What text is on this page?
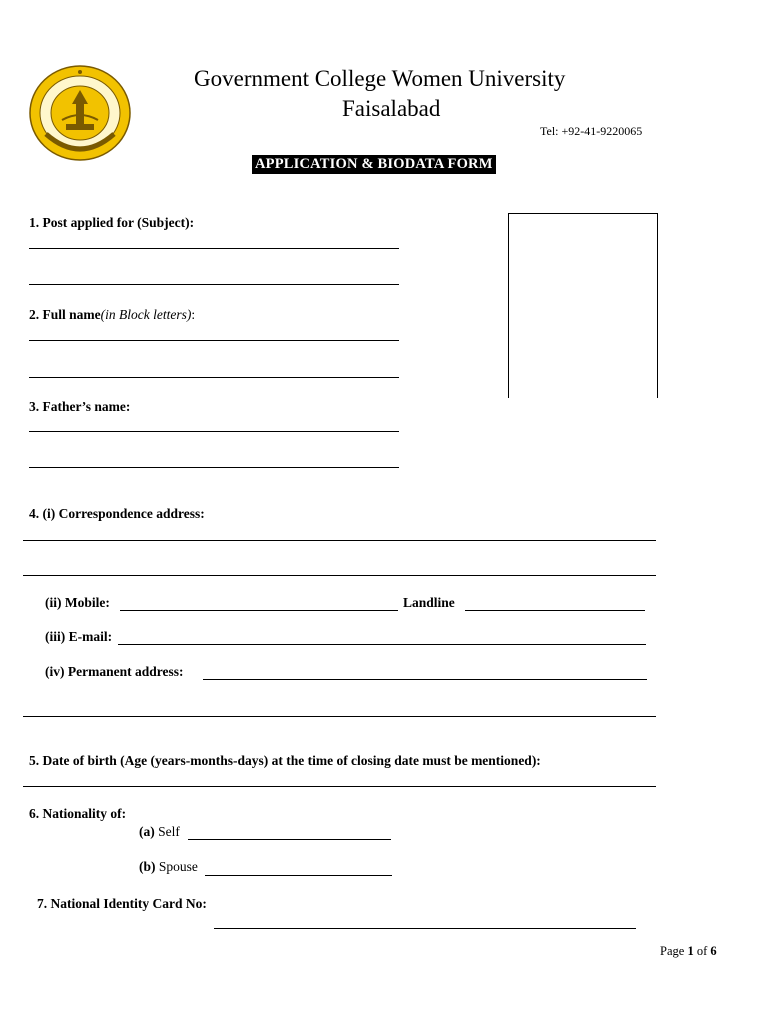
Government College Women University
Faisalabad
Tel: +92-41-9220065
APPLICATION & BIODATA FORM
1. Post applied for (Subject):
2. Full name(in Block letters):
3. Father’s name:
4. (i) Correspondence address:
(ii) Mobile:	Landline
(iii) E-mail:
(iv) Permanent address:
5. Date of birth (Age (years-months-days) at the time of closing date must be mentioned):
6. Nationality of:
(a) Self
(b) Spouse
7. National Identity Card No:
Page 1 of 6
